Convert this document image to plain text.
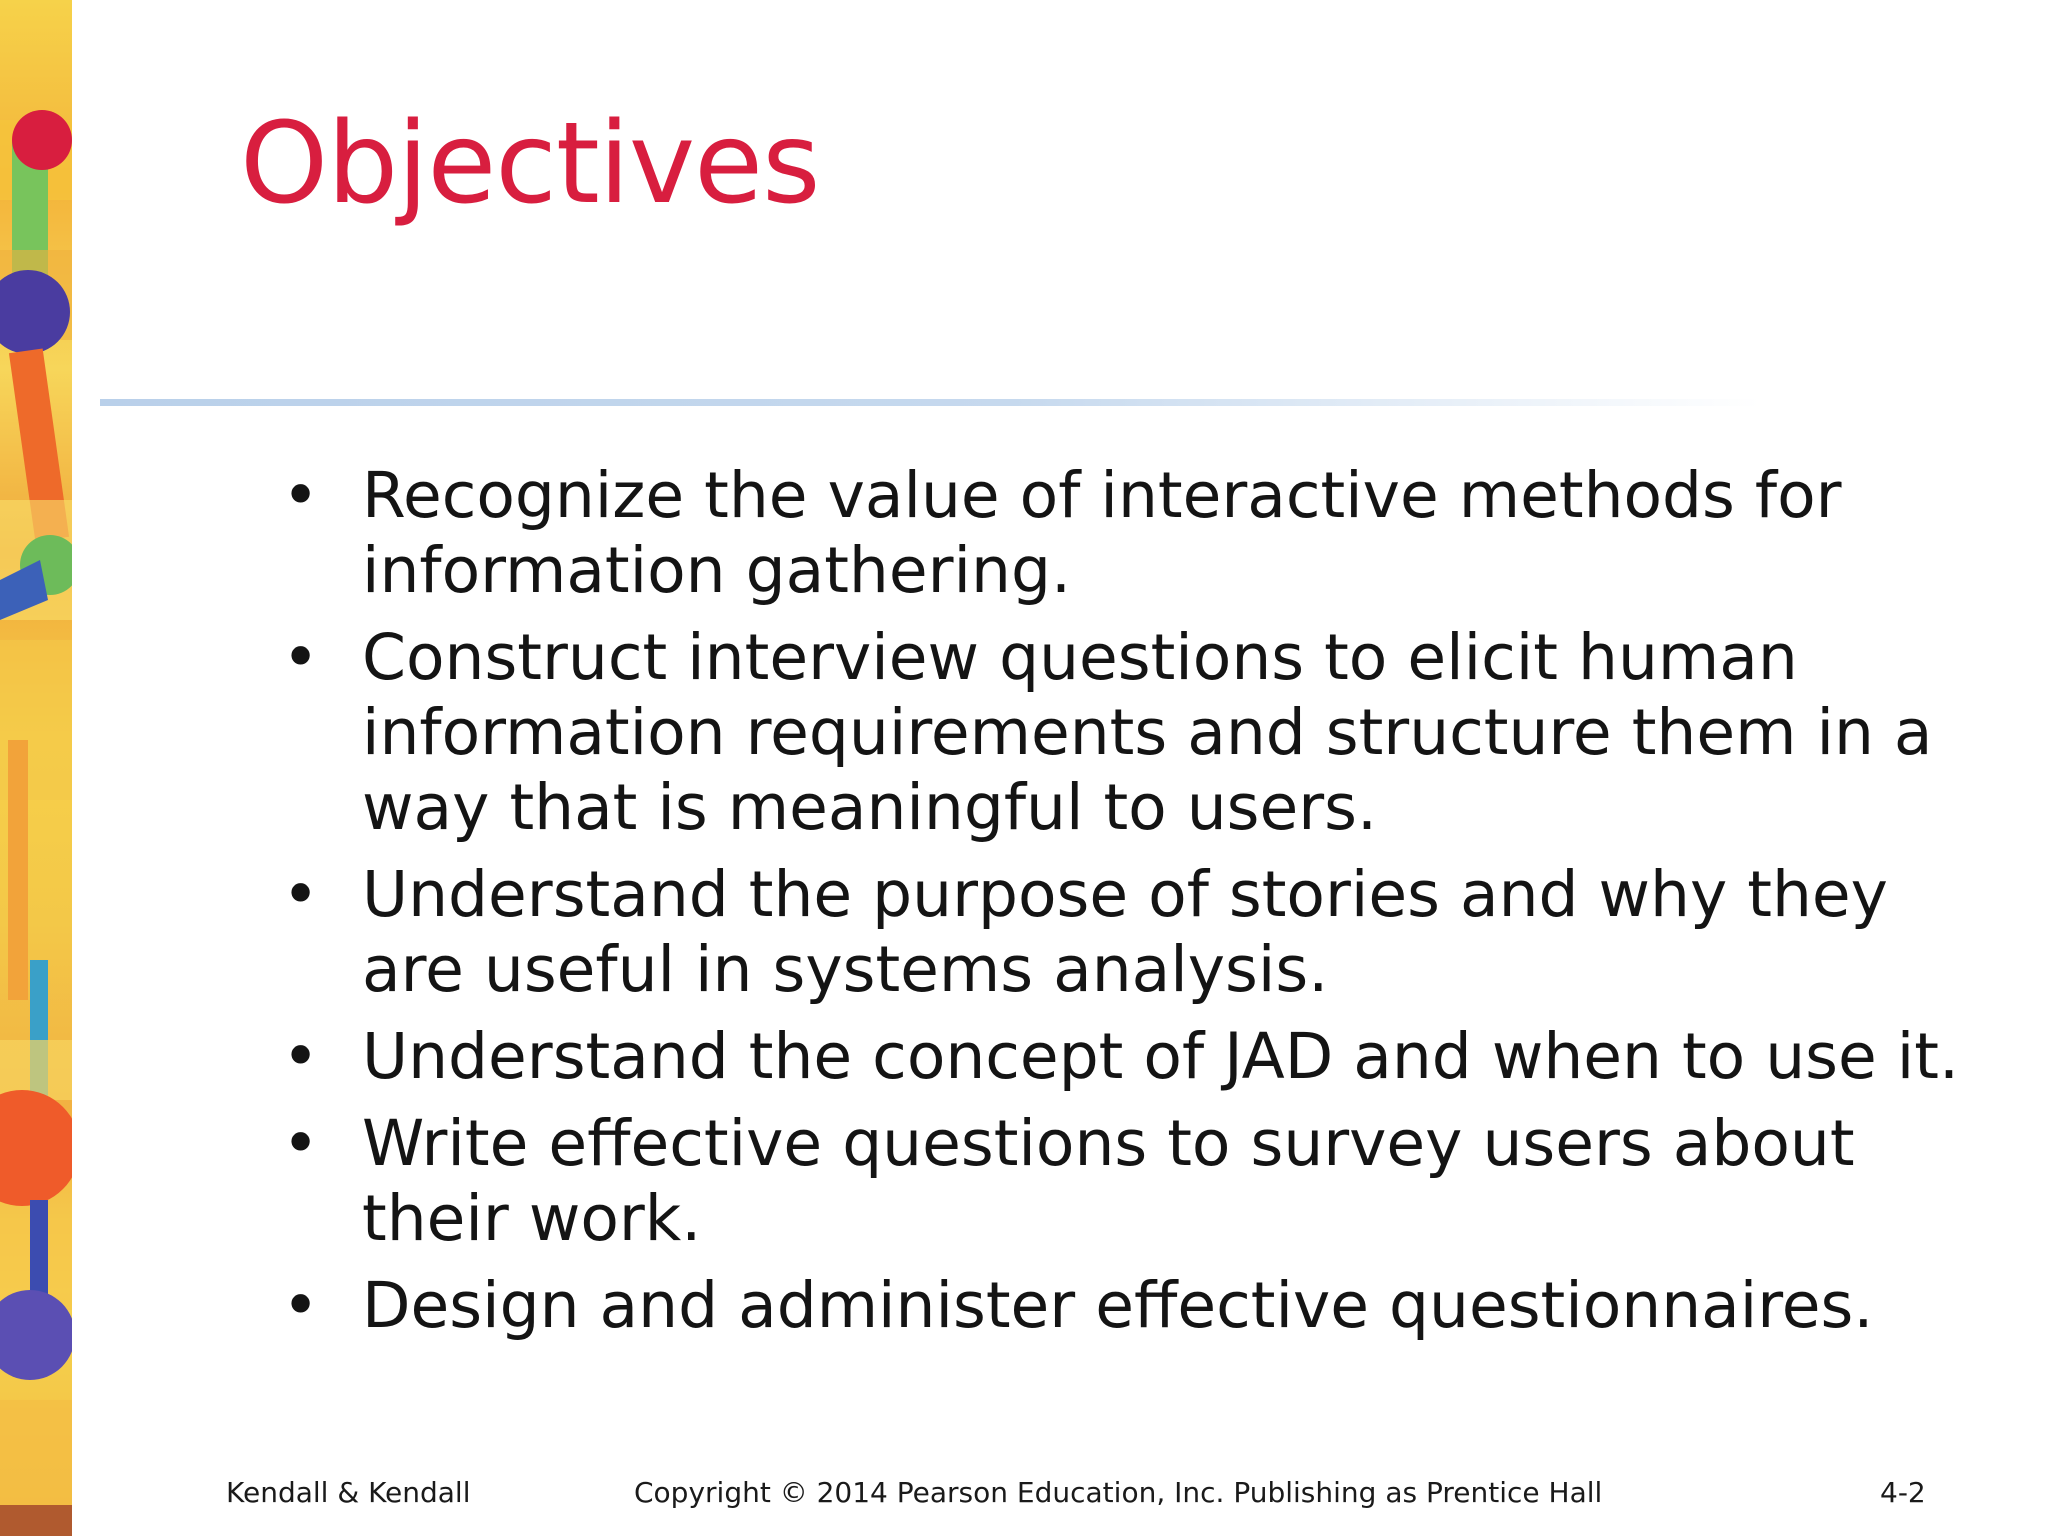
Objectives
• Recognize the value of interactive methods for information gathering.
• Construct interview questions to elicit human information requirements and structure them in a way that is meaningful to users.
• Understand the purpose of stories and why they are useful in systems analysis.
• Understand the concept of JAD and when to use it.
• Write effective questions to survey users about their work.
• Design and administer effective questionnaires.
Kendall & Kendall	Copyright © 2014 Pearson Education, Inc. Publishing as Prentice Hall	4-2
